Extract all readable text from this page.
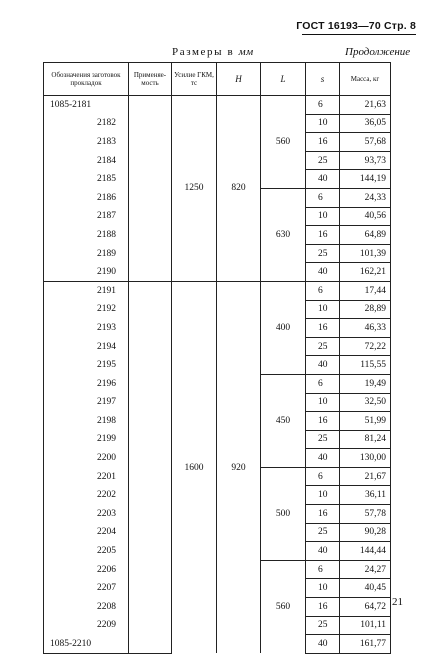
ГОСТ 16193—70 Стр. 8
Размеры в мм	Продолжение
Обозначения заготовок прокладок	Применяе-мость	Усилие ГКМ, тс	H	L	s	Масса, кг
1085-2181		1250	820	560	6	21,63
2182					10	36,05
2183					16	57,68
2184					25	93,73
2185					40	144,19
2186				630	6	24,33
2187					10	40,56
2188					16	64,89
2189					25	101,39
2190					40	162,21
2191		1600	920	400	6	17,44
2192					10	28,89
2193					16	46,33
2194					25	72,22
2195					40	115,55
2196				450	6	19,49
2197					10	32,50
2198					16	51,99
2199					25	81,24
2200					40	130,00
2201				500	6	21,67
2202					10	36,11
2203					16	57,78
2204					25	90,28
2205					40	144,44
2206				560	6	24,27
2207					10	40,45
2208					16	64,72
2209					25	101,11
1085-2210					40	161,77
21
